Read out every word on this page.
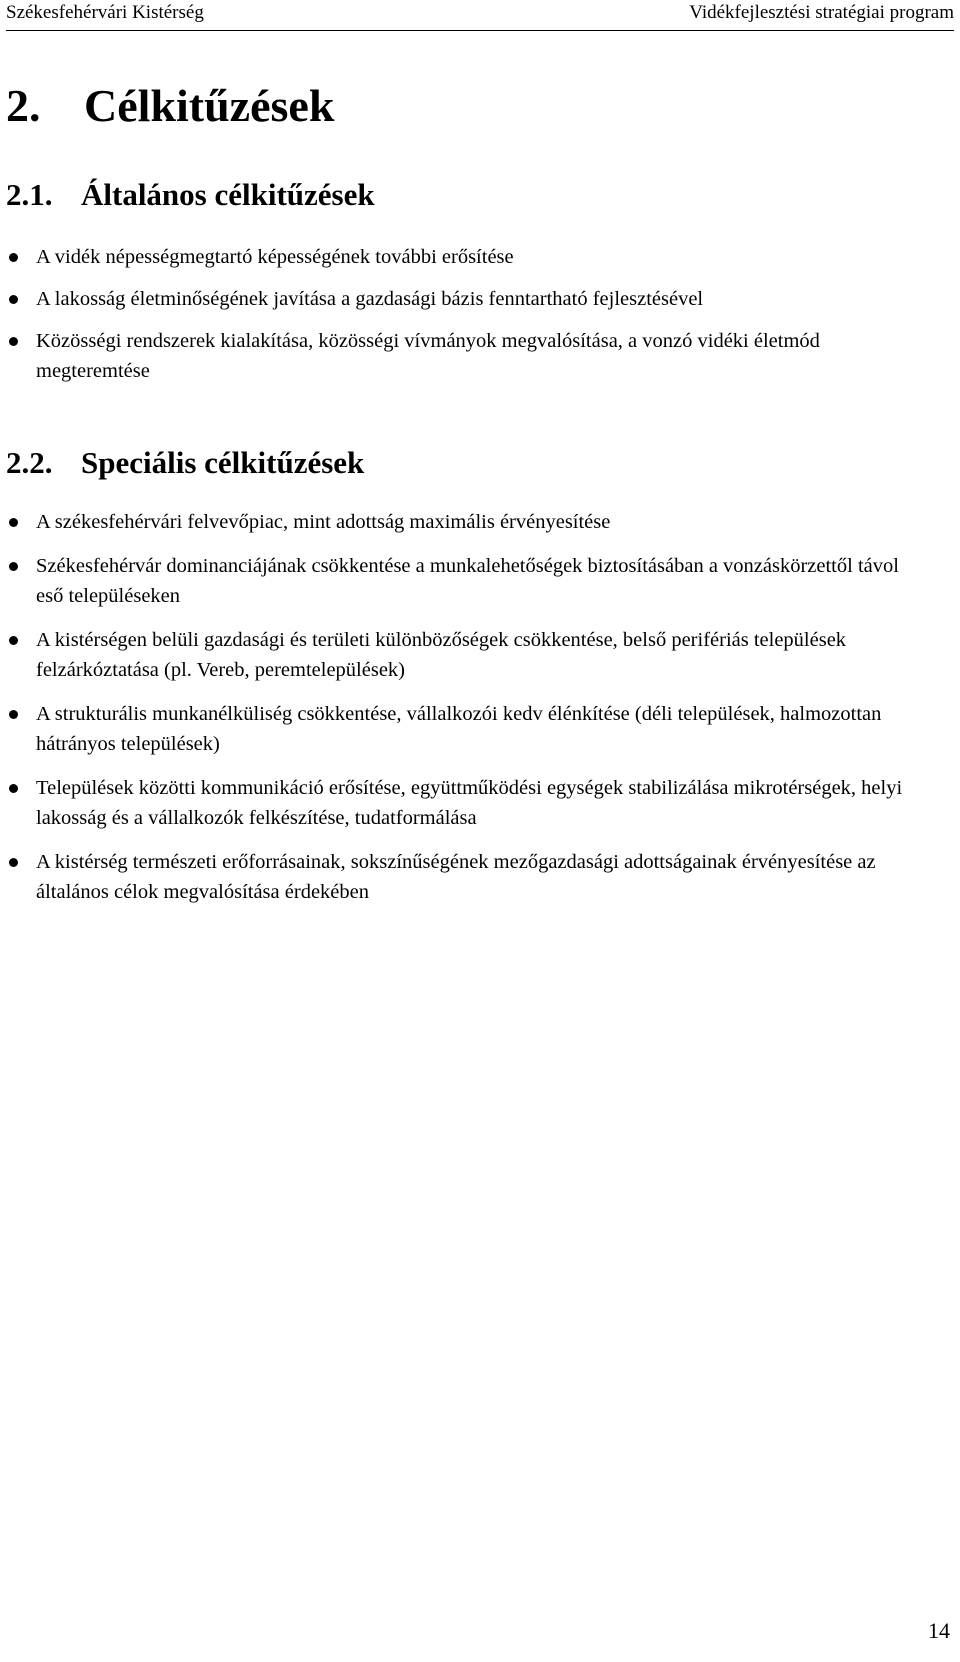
Székesfehérvári Kistérség	Vidékfejlesztési stratégiai program
2. Célkitűzések
2.1. Általános célkitűzések
A vidék népességmegtartó képességének további erősítése
A lakosság életminőségének javítása a gazdasági bázis fenntartható fejlesztésével
Közösségi rendszerek kialakítása, közösségi vívmányok megvalósítása, a vonzó vidéki életmód megteremtése
2.2. Speciális célkitűzések
A székesfehérvári felvevőpiac, mint adottság maximális érvényesítése
Székesfehérvár dominanciájának csökkentése a munkalehetőségek biztosításában a vonzáskörzettől távol eső településeken
A kistérségen belüli gazdasági és területi különbözőségek csökkentése, belső perifériás települések felzárkóztatása (pl. Vereb, peremtelepülések)
A strukturális munkanélküliség csökkentése, vállalkozói kedv élénkítése (déli települések, halmozottan hátrányos települések)
Települések közötti kommunikáció erősítése, együttműködési egységek stabilizálása mikrotérségek, helyi lakosság és a vállalkozók felkészítése, tudatformálása
A kistérség természeti erőforrásainak, sokszínűségének mezőgazdasági adottságainak érvényesítése az általános célok megvalósítása érdekében
14
